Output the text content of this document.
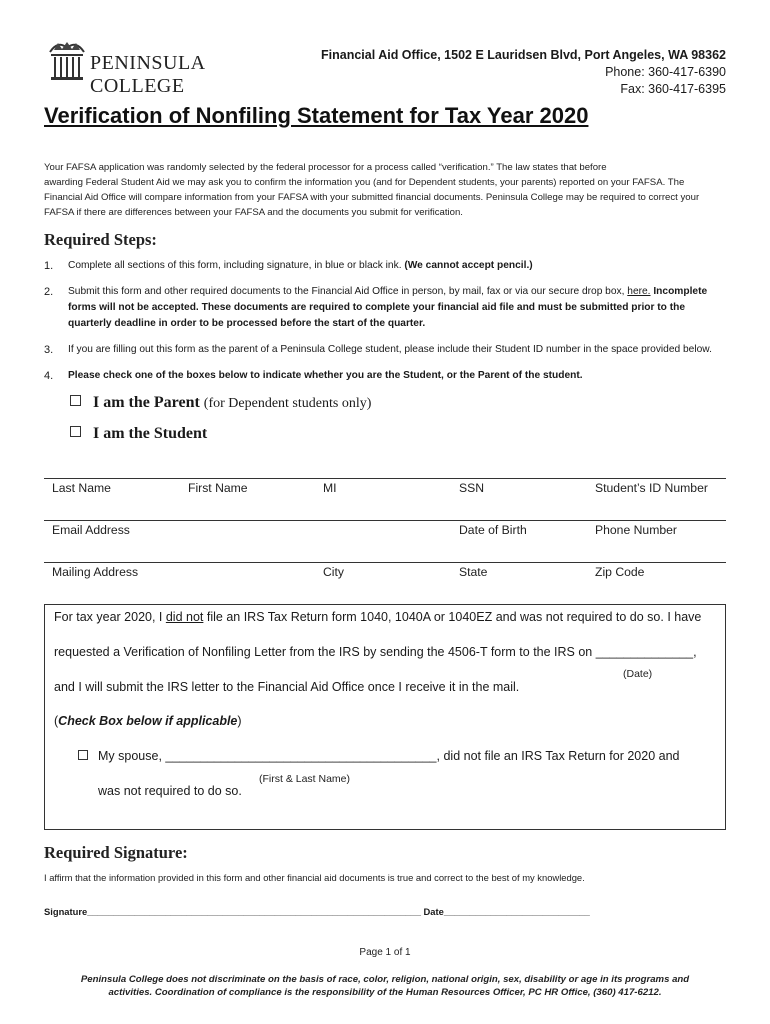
PENINSULA COLLEGE
Financial Aid Office, 1502 E Lauridsen Blvd, Port Angeles, WA 98362
Phone: 360-417-6390
Fax: 360-417-6395
Verification of Nonfiling Statement for Tax Year 2020
Your FAFSA application was randomly selected by the federal processor for a process called “verification.” The law states that before
awarding Federal Student Aid we may ask you to confirm the information you (and for Dependent students, your parents) reported on your FAFSA. The
Financial Aid Office will compare information from your FAFSA with your submitted financial documents. Peninsula College may be required to correct your
FAFSA if there are differences between your FAFSA and the documents you submit for verification.
Required Steps:
1. Complete all sections of this form, including signature, in blue or black ink. (We cannot accept pencil.)
2. Submit this form and other required documents to the Financial Aid Office in person, by mail, fax or via our secure drop box, here. Incomplete forms will not be accepted. These documents are required to complete your financial aid file and must be submitted prior to the quarterly deadline in order to be processed before the start of the quarter.
3. If you are filling out this form as the parent of a Peninsula College student, please include their Student ID number in the space provided below.
4. Please check one of the boxes below to indicate whether you are the Student, or the Parent of the student.
I am the Parent (for Dependent students only)
I am the Student
Last Name	First Name	MI	SSN	Student’s ID Number
Email Address	Date of Birth	Phone Number
Mailing Address	City	State	Zip Code
For tax year 2020, I did not file an IRS Tax Return form 1040, 1040A or 1040EZ and was not required to do so. I have
requested a Verification of Nonfiling Letter from the IRS by sending the 4506-T form to the IRS on ______________,
(Date)
and I will submit the IRS letter to the Financial Aid Office once I receive it in the mail.
(Check Box below if applicable)
My spouse, _______________________________________, did not file an IRS Tax Return for 2020 and
(First & Last Name)
was not required to do so.
Required Signature:
I affirm that the information provided in this form and other financial aid documents is true and correct to the best of my knowledge.
Signature________________________________________________________________ Date____________________________
Page 1 of 1
Peninsula College does not discriminate on the basis of race, color, religion, national origin, sex, disability or age in its programs and
activities. Coordination of compliance is the responsibility of the Human Resources Officer, PC HR Office, (360) 417-6212.
